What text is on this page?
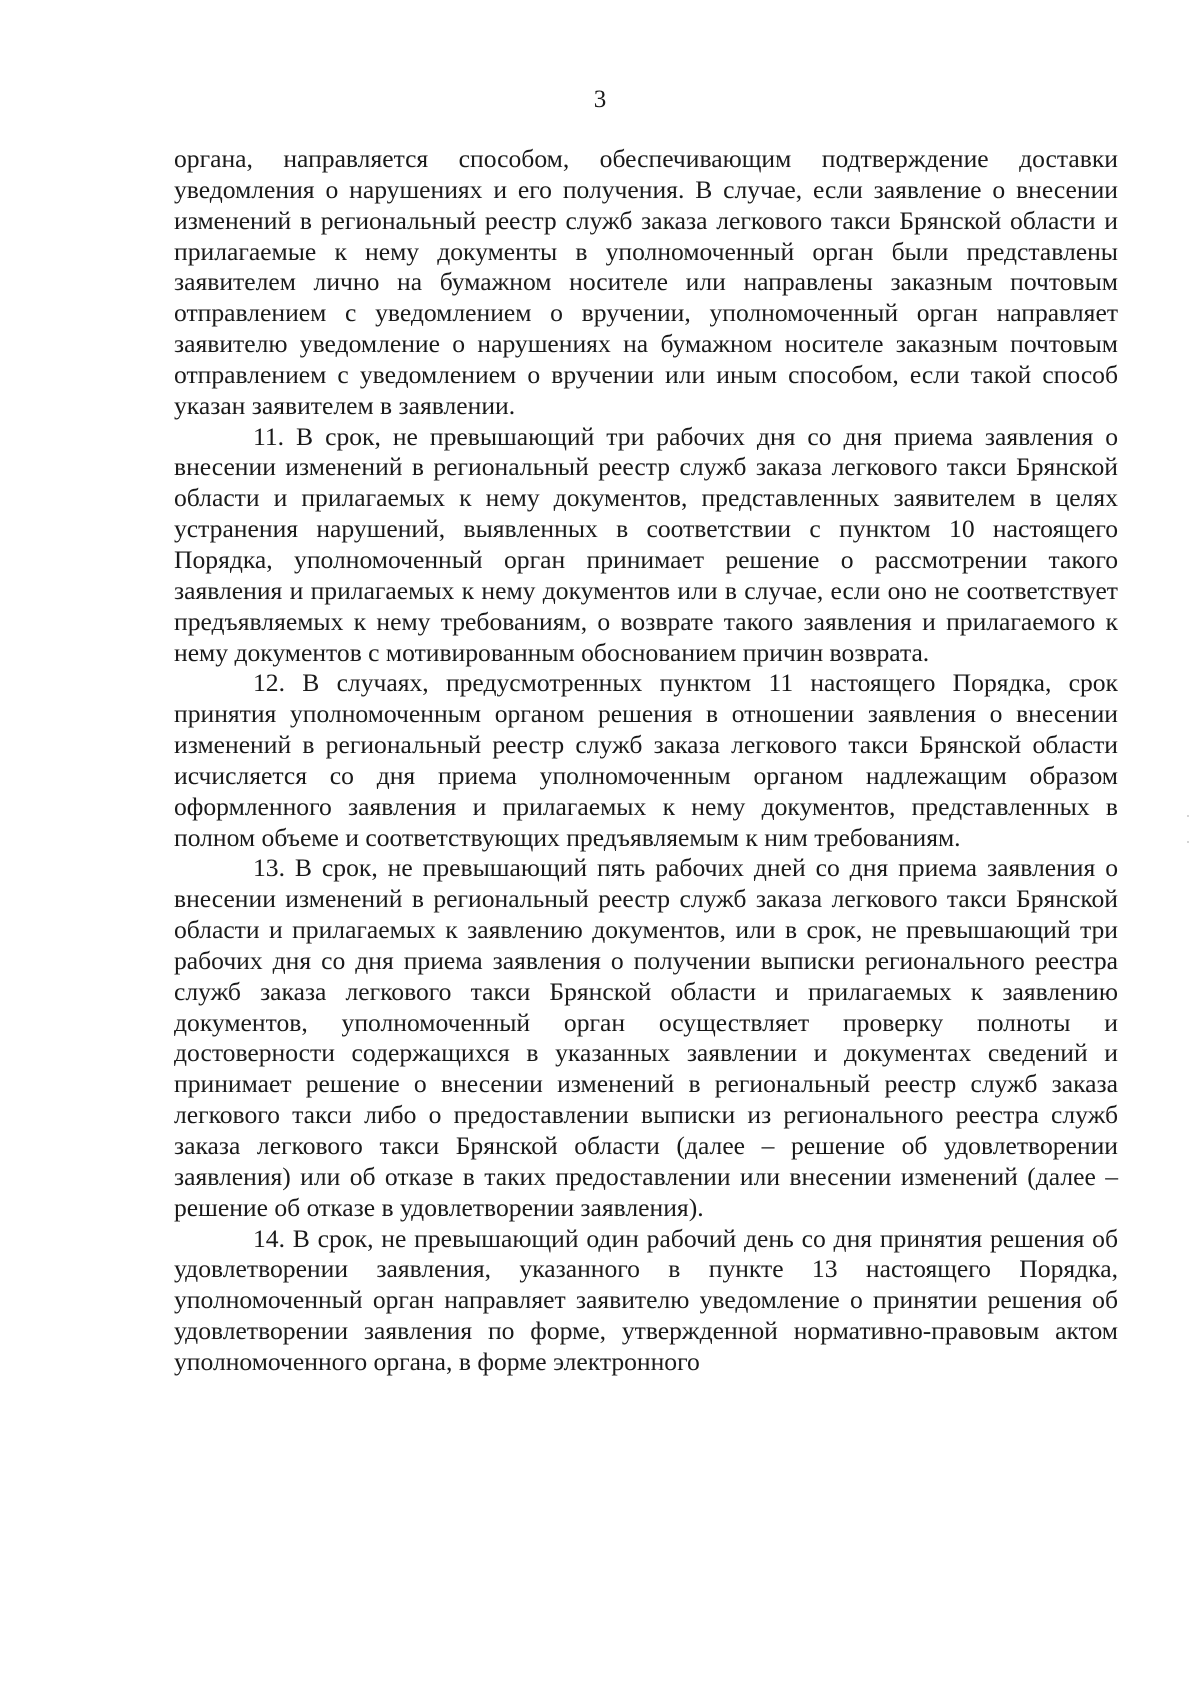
3

органа, направляется способом, обеспечивающим подтверждение доставки уведомления о нарушениях и его получения. В случае, если заявление о внесении изменений в региональный реестр служб заказа легкового такси Брянской области и прилагаемые к нему документы в уполномоченный орган были представлены заявителем лично на бумажном носителе или направлены заказным почтовым отправлением с уведомлением о вручении, уполномоченный орган направляет заявителю уведомление о нарушениях на бумажном носителе заказным почтовым отправлением с уведомлением о вручении или иным способом, если такой способ указан заявителем в заявлении.

11. В срок, не превышающий три рабочих дня со дня приема заявления о внесении изменений в региональный реестр служб заказа легкового такси Брянской области и прилагаемых к нему документов, представленных заявителем в целях устранения нарушений, выявленных в соответствии с пунктом 10 настоящего Порядка, уполномоченный орган принимает решение о рассмотрении такого заявления и прилагаемых к нему документов или в случае, если оно не соответствует предъявляемых к нему требованиям, о возврате такого заявления и прилагаемого к нему документов с мотивированным обоснованием причин возврата.

12. В случаях, предусмотренных пунктом 11 настоящего Порядка, срок принятия уполномоченным органом решения в отношении заявления о внесении изменений в региональный реестр служб заказа легкового такси Брянской области исчисляется со дня приема уполномоченным органом надлежащим образом оформленного заявления и прилагаемых к нему документов, представленных в полном объеме и соответствующих предъявляемым к ним требованиям.

13. В срок, не превышающий пять рабочих дней со дня приема заявления о внесении изменений в региональный реестр служб заказа легкового такси Брянской области и прилагаемых к заявлению документов, или в срок, не превышающий три рабочих дня со дня приема заявления о получении выписки регионального реестра служб заказа легкового такси Брянской области и прилагаемых к заявлению документов, уполномоченный орган осуществляет проверку полноты и достоверности содержащихся в указанных заявлении и документах сведений и принимает решение о внесении изменений в региональный реестр служб заказа легкового такси либо о предоставлении выписки из регионального реестра служб заказа легкового такси Брянской области (далее – решение об удовлетворении заявления) или об отказе в таких предоставлении или внесении изменений (далее – решение об отказе в удовлетворении заявления).

14. В срок, не превышающий один рабочий день со дня принятия решения об удовлетворении заявления, указанного в пункте 13 настоящего Порядка, уполномоченный орган направляет заявителю уведомление о принятии решения об удовлетворении заявления по форме, утвержденной нормативно-правовым актом уполномоченного органа, в форме электронного
